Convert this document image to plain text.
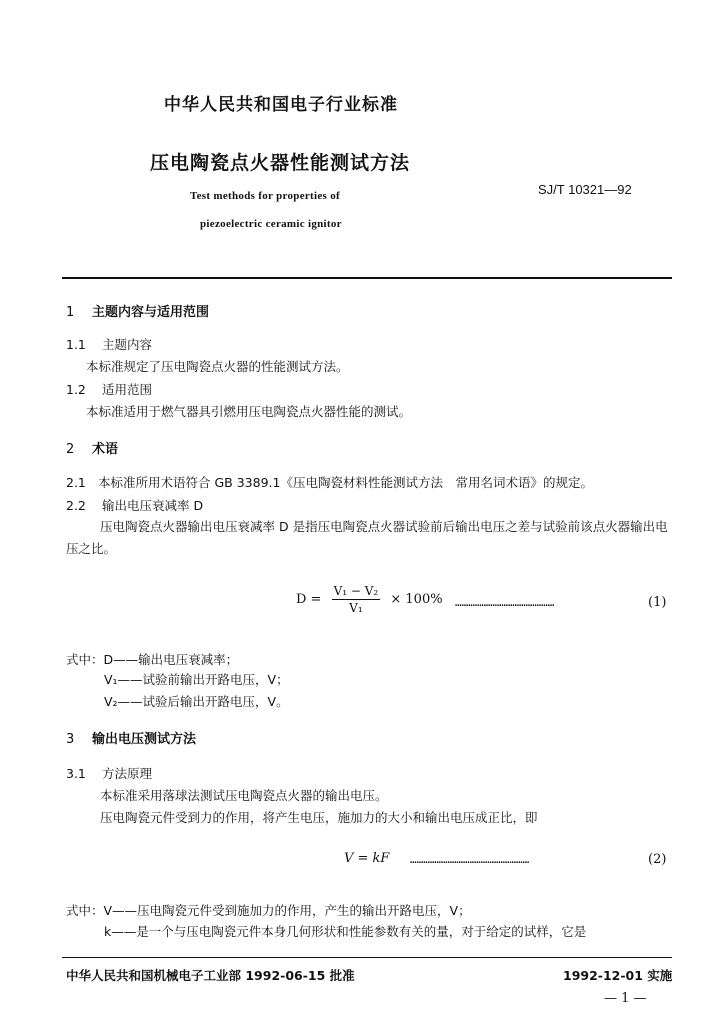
中华人民共和国电子行业标准
压电陶瓷点火器性能测试方法
Test methods for properties of
piezoelectric ceramic ignitor
SJ/T 10321—92
1 主题内容与适用范围
1.1 主题内容
本标准规定了压电陶瓷点火器的性能测试方法。
1.2 适用范围
本标准适用于燃气器具引燃用压电陶瓷点火器性能的测试。
2 术语
2.1 本标准所用术语符合 GB 3389.1《压电陶瓷材料性能测试方法　常用名词术语》的规定。
2.2 输出电压衰减率 D
压电陶瓷点火器输出电压衰减率 D 是指压电陶瓷点火器试验前后输出电压之差与试验前该点火器输出电压之比。
$D = \frac{\text{V₁ − V₂}}{\text{V₁}} \times 100\%$ ………………………………………	(1)
式中：D——输出电压衰减率；
V₁——试验前输出开路电压，V；
V₂——试验后输出开路电压，V。
3 输出电压测试方法
3.1 方法原理
本标准采用落球法测试压电陶瓷点火器的输出电压。
压电陶瓷元件受到力的作用，将产生电压，施加力的大小和输出电压成正比，即
V = kF ………………………………………………	(2)
式中：V——压电陶瓷元件受到施加力的作用，产生的输出开路电压，V；
k——是一个与压电陶瓷元件本身几何形状和性能参数有关的量，对于给定的试样，它是
中华人民共和国机械电子工业部 1992-06-15 批准	1992-12-01 实施
— 1 —
